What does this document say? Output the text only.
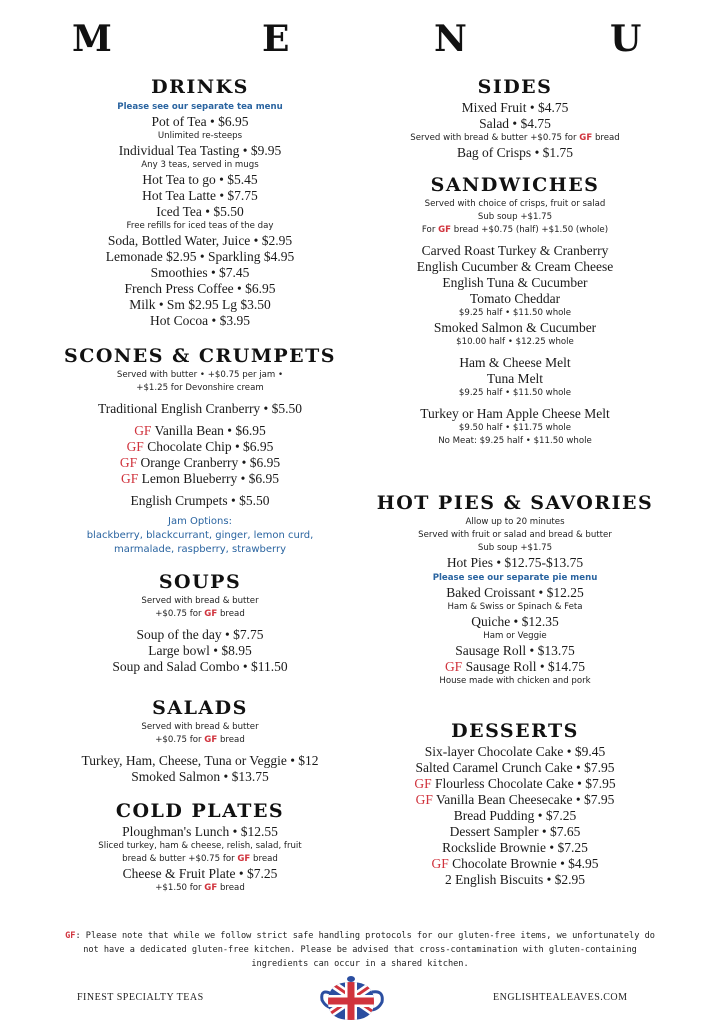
M	E	N	U
DRINKS
Please see our separate tea menu
Pot of Tea • $6.95
Unlimited re-steeps
Individual Tea Tasting • $9.95
Any 3 teas, served in mugs
Hot Tea to go • $5.45
Hot Tea Latte • $7.75
Iced Tea • $5.50
Free refills for iced teas of the day
Soda, Bottled Water, Juice • $2.95
Lemonade $2.95 • Sparkling $4.95
Smoothies • $7.45
French Press Coffee • $6.95
Milk • Sm $2.95 Lg $3.50
Hot Cocoa • $3.95
SCONES & CRUMPETS
Served with butter • +$0.75 per jam •
+$1.25 for Devonshire cream
Traditional English Cranberry • $5.50
GF Vanilla Bean • $6.95
GF Chocolate Chip • $6.95
GF Orange Cranberry • $6.95
GF Lemon Blueberry • $6.95
English Crumpets • $5.50
Jam Options:
blackberry, blackcurrant, ginger, lemon curd,
marmalade, raspberry, strawberry
SOUPS
Served with bread & butter
+$0.75 for GF bread
Soup of the day • $7.75
Large bowl • $8.95
Soup and Salad Combo • $11.50
SALADS
Served with bread & butter
+$0.75 for GF bread
Turkey, Ham, Cheese, Tuna or Veggie • $12
Smoked Salmon • $13.75
COLD PLATES
Ploughman's Lunch • $12.55
Sliced turkey, ham & cheese, relish, salad, fruit
bread & butter +$0.75 for GF bread
Cheese & Fruit Plate • $7.25
+$1.50 for GF bread
SIDES
Mixed Fruit • $4.75
Salad • $4.75
Served with bread & butter +$0.75 for GF bread
Bag of Crisps • $1.75
SANDWICHES
Served with choice of crisps, fruit or salad
Sub soup +$1.75
For GF bread +$0.75 (half) +$1.50 (whole)
Carved Roast Turkey & Cranberry
English Cucumber & Cream Cheese
English Tuna & Cucumber
Tomato Cheddar
$9.25 half • $11.50 whole
Smoked Salmon & Cucumber
$10.00 half • $12.25 whole
Ham & Cheese Melt
Tuna Melt
$9.25 half • $11.50 whole
Turkey or Ham Apple Cheese Melt
$9.50 half • $11.75 whole
No Meat: $9.25 half • $11.50 whole
HOT PIES & SAVORIES
Allow up to 20 minutes
Served with fruit or salad and bread & butter
Sub soup +$1.75
Hot Pies • $12.75-$13.75
Please see our separate pie menu
Baked Croissant • $12.25
Ham & Swiss or Spinach & Feta
Quiche • $12.35
Ham or Veggie
Sausage Roll • $13.75
GF Sausage Roll • $14.75
House made with chicken and pork
DESSERTS
Six-layer Chocolate Cake • $9.45
Salted Caramel Crunch Cake • $7.95
GF Flourless Chocolate Cake • $7.95
GF Vanilla Bean Cheesecake • $7.95
Bread Pudding • $7.25
Dessert Sampler • $7.65
Rockslide Brownie • $7.25
GF Chocolate Brownie • $4.95
2 English Biscuits • $2.95
GF: Please note that while we follow strict safe handling protocols for our gluten-free items, we unfortunately do not have a dedicated gluten-free kitchen. Please be advised that cross-contamination with gluten-containing ingredients can occur in a shared kitchen.
FINEST SPECIALTY TEAS	ENGLISHTEALEAVES.COM
